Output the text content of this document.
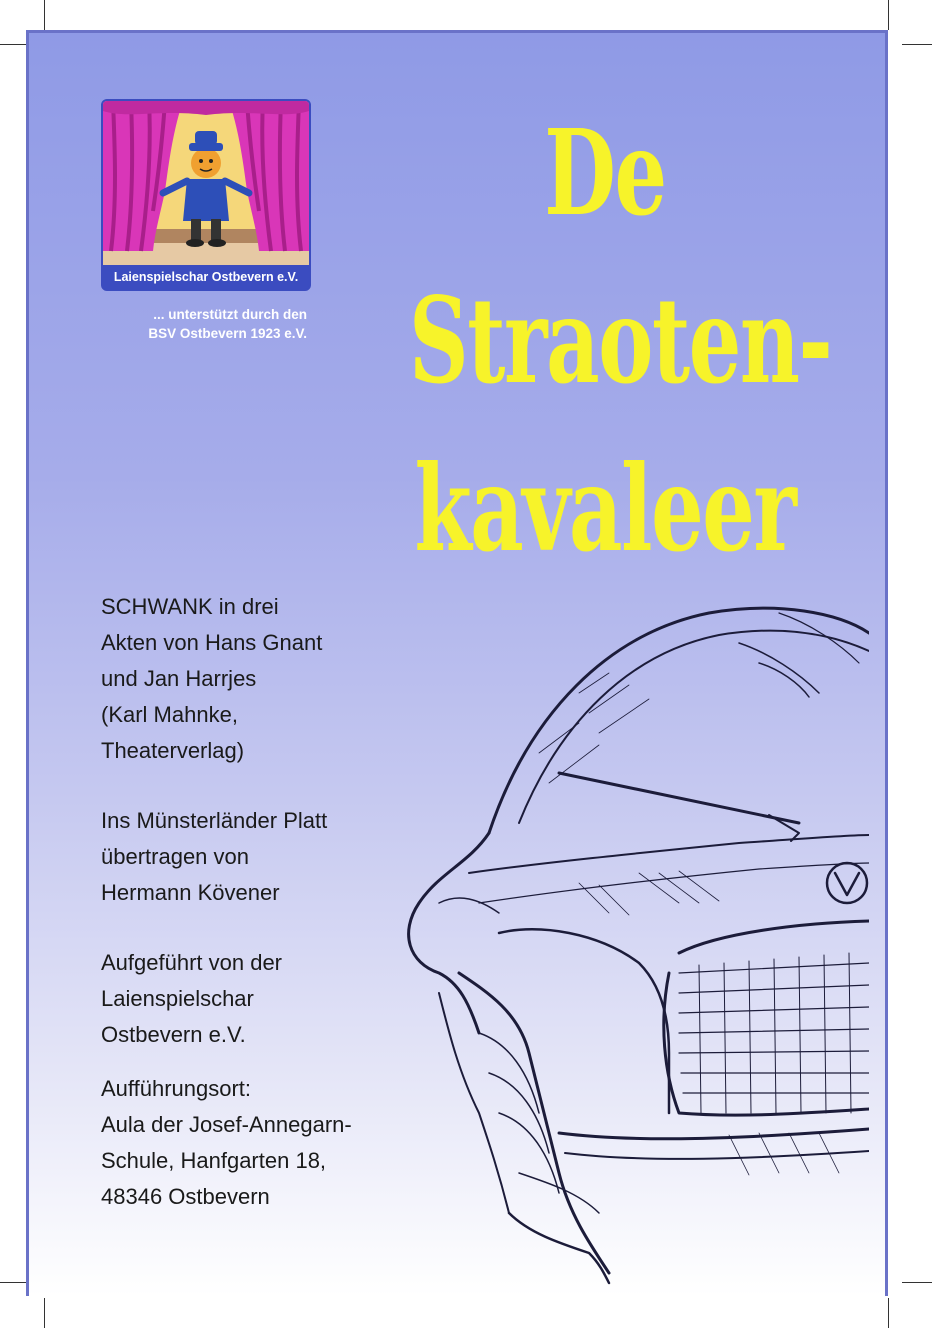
Laienspielschar Ostbevern e.V.
... unterstützt durch den
BSV Ostbevern 1923 e.V.
De
Straoten-
kavaleer
SCHWANK in drei
Akten von Hans Gnant
und Jan Harrjes
(Karl Mahnke,
Theaterverlag)
Ins Münsterländer Platt
übertragen von
Hermann Kövener
Aufgeführt von der
Laienspielschar
Ostbevern e.V.
Aufführungsort:
Aula der Josef-Annegarn-
Schule, Hanfgarten 18,
48346 Ostbevern
